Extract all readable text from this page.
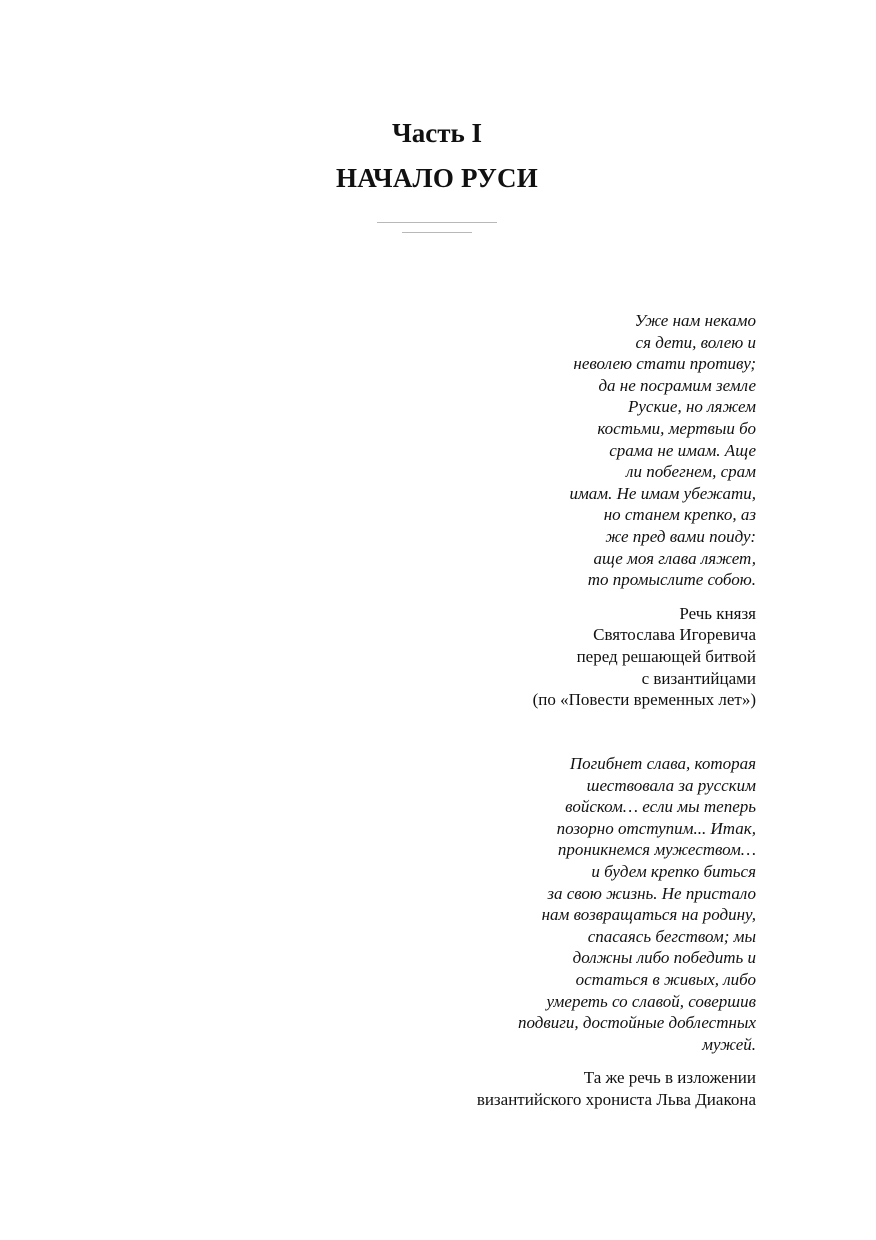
Часть I
НАЧАЛО РУСИ
Уже нам некамо
ся дети, волею и
неволею стати противу;
да не посрамим земле
Руские, но ляжем
костьми, мертвыи бо
срама не имам. Аще
ли побегнем, срам
имам. Не имам убежати,
но станем крепко, аз
же пред вами поиду:
аще моя глава ляжет,
то промыслите собою.
Речь князя
Святослава Игоревича
перед решающей битвой
с византийцами
(по «Повести временных лет»)
Погибнет слава, которая
шествовала за русским
войском… если мы теперь
позорно отступим... Итак,
проникнемся мужеством…
и будем крепко биться
за свою жизнь. Не пристало
нам возвращаться на родину,
спасаясь бегством; мы
должны либо победить и
остаться в живых, либо
умереть со славой, совершив
подвиги, достойные доблестных
мужей.
Та же речь в изложении
византийского хрониста Льва Диакона
